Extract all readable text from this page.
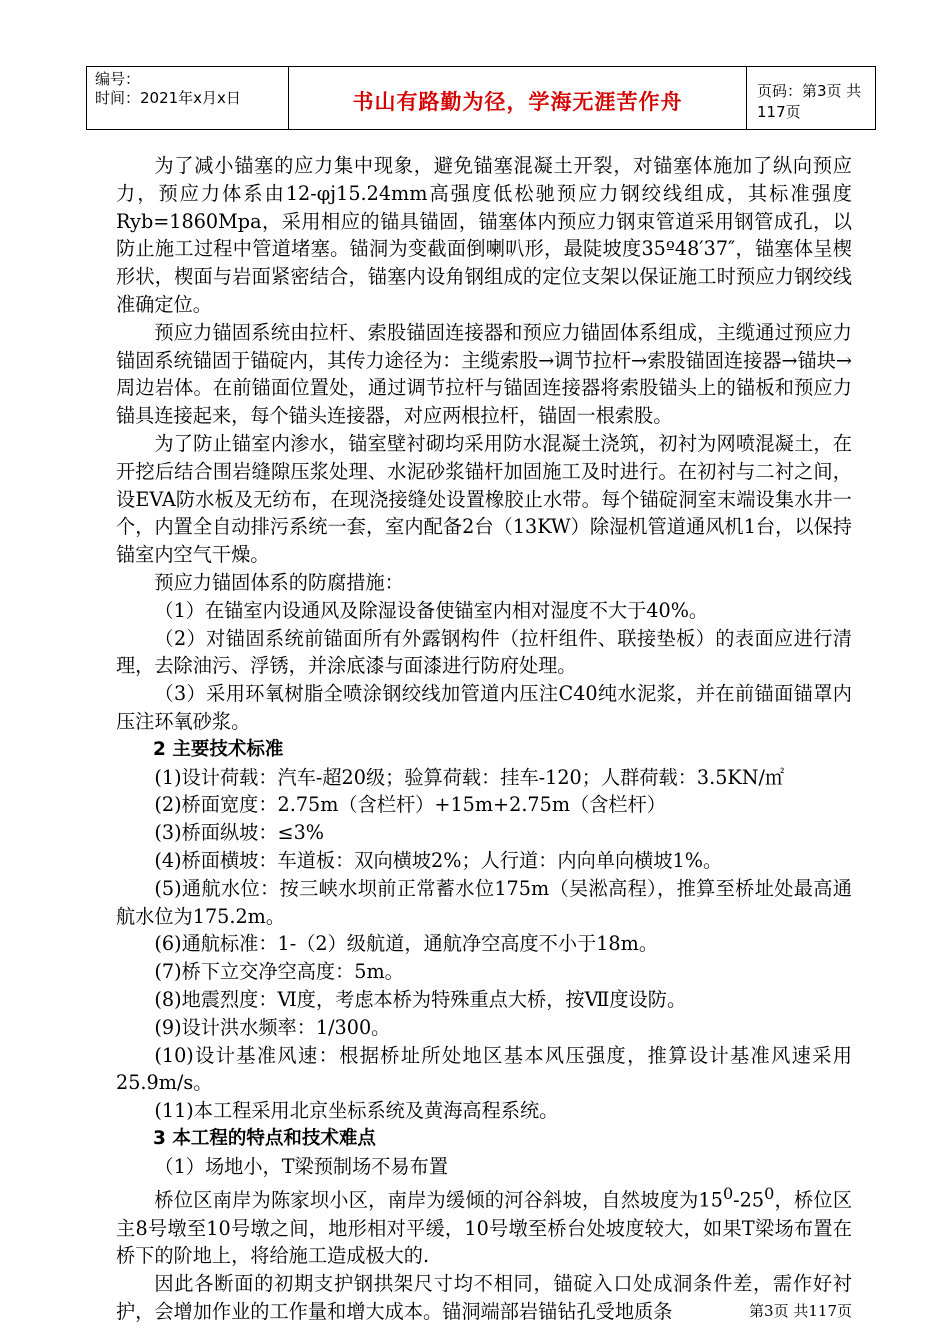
编号：
时间：2021年x月x日	书山有路勤为径，学海无涯苦作舟	页码：第3页 共117页

为了减小锚塞的应力集中现象，避免锚塞混凝土开裂，对锚塞体施加了纵向预应力，预应力体系由12-φj15.24mm高强度低松驰预应力钢绞线组成，其标准强度Ryb=1860Mpa，采用相应的锚具锚固，锚塞体内预应力钢束管道采用钢管成孔，以防止施工过程中管道堵塞。锚洞为变截面倒喇叭形，最陡坡度35º48′37″，锚塞体呈楔形状，楔面与岩面紧密结合，锚塞内设角钢组成的定位支架以保证施工时预应力钢绞线准确定位。

预应力锚固系统由拉杆、索股锚固连接器和预应力锚固体系组成，主缆通过预应力锚固系统锚固于锚碇内，其传力途径为：主缆索股→调节拉杆→索股锚固连接器→锚块→周边岩体。在前锚面位置处，通过调节拉杆与锚固连接器将索股锚头上的锚板和预应力锚具连接起来，每个锚头连接器，对应两根拉杆，锚固一根索股。

为了防止锚室内渗水，锚室壁衬砌均采用防水混凝土浇筑，初衬为网喷混凝土，在开挖后结合围岩缝隙压浆处理、水泥砂浆锚杆加固施工及时进行。在初衬与二衬之间，设EVA防水板及无纺布，在现浇接缝处设置橡胶止水带。每个锚碇洞室末端设集水井一个，内置全自动排污系统一套，室内配备2台（13KW）除湿机管道通风机1台，以保持锚室内空气干燥。

预应力锚固体系的防腐措施：

（1）在锚室内设通风及除湿设备使锚室内相对湿度不大于40%。

（2）对锚固系统前锚面所有外露钢构件（拉杆组件、联接垫板）的表面应进行清理，去除油污、浮锈，并涂底漆与面漆进行防府处理。

（3）采用环氧树脂全喷涂钢绞线加管道内压注C40纯水泥浆，并在前锚面锚罩内压注环氧砂浆。

2 主要技术标准

(1)设计荷载：汽车-超20级；验算荷载：挂车-120；人群荷载：3.5KN/㎡

(2)桥面宽度：2.75m（含栏杆）+15m+2.75m（含栏杆）

(3)桥面纵坡：≤3%

(4)桥面横坡：车道板：双向横坡2%；人行道：内向单向横坡1%。

(5)通航水位：按三峡水坝前正常蓄水位175m（吴淞高程），推算至桥址处最高通航水位为175.2m。

(6)通航标准：1-（2）级航道，通航净空高度不小于18m。

(7)桥下立交净空高度：5m。

(8)地震烈度：Ⅵ度，考虑本桥为特殊重点大桥，按Ⅶ度设防。

(9)设计洪水频率：1/300。

(10)设计基准风速：根据桥址所处地区基本风压强度，推算设计基准风速采用25.9m/s。

(11)本工程采用北京坐标系统及黄海高程系统。

3 本工程的特点和技术难点

（1）场地小，T梁预制场不易布置

桥位区南岸为陈家坝小区，南岸为缓倾的河谷斜坡，自然坡度为$15^0-25^0$，桥位区主8号墩至10号墩之间，地形相对平缓，10号墩至桥台处坡度较大，如果T梁场布置在桥下的阶地上，将给施工造成极大的.

因此各断面的初期支护钢拱架尺寸均不相同，锚碇入口处成洞条件差，需作好衬护，会增加作业的工作量和增大成本。锚洞端部岩锚钻孔受地质条	第3页 共117页
